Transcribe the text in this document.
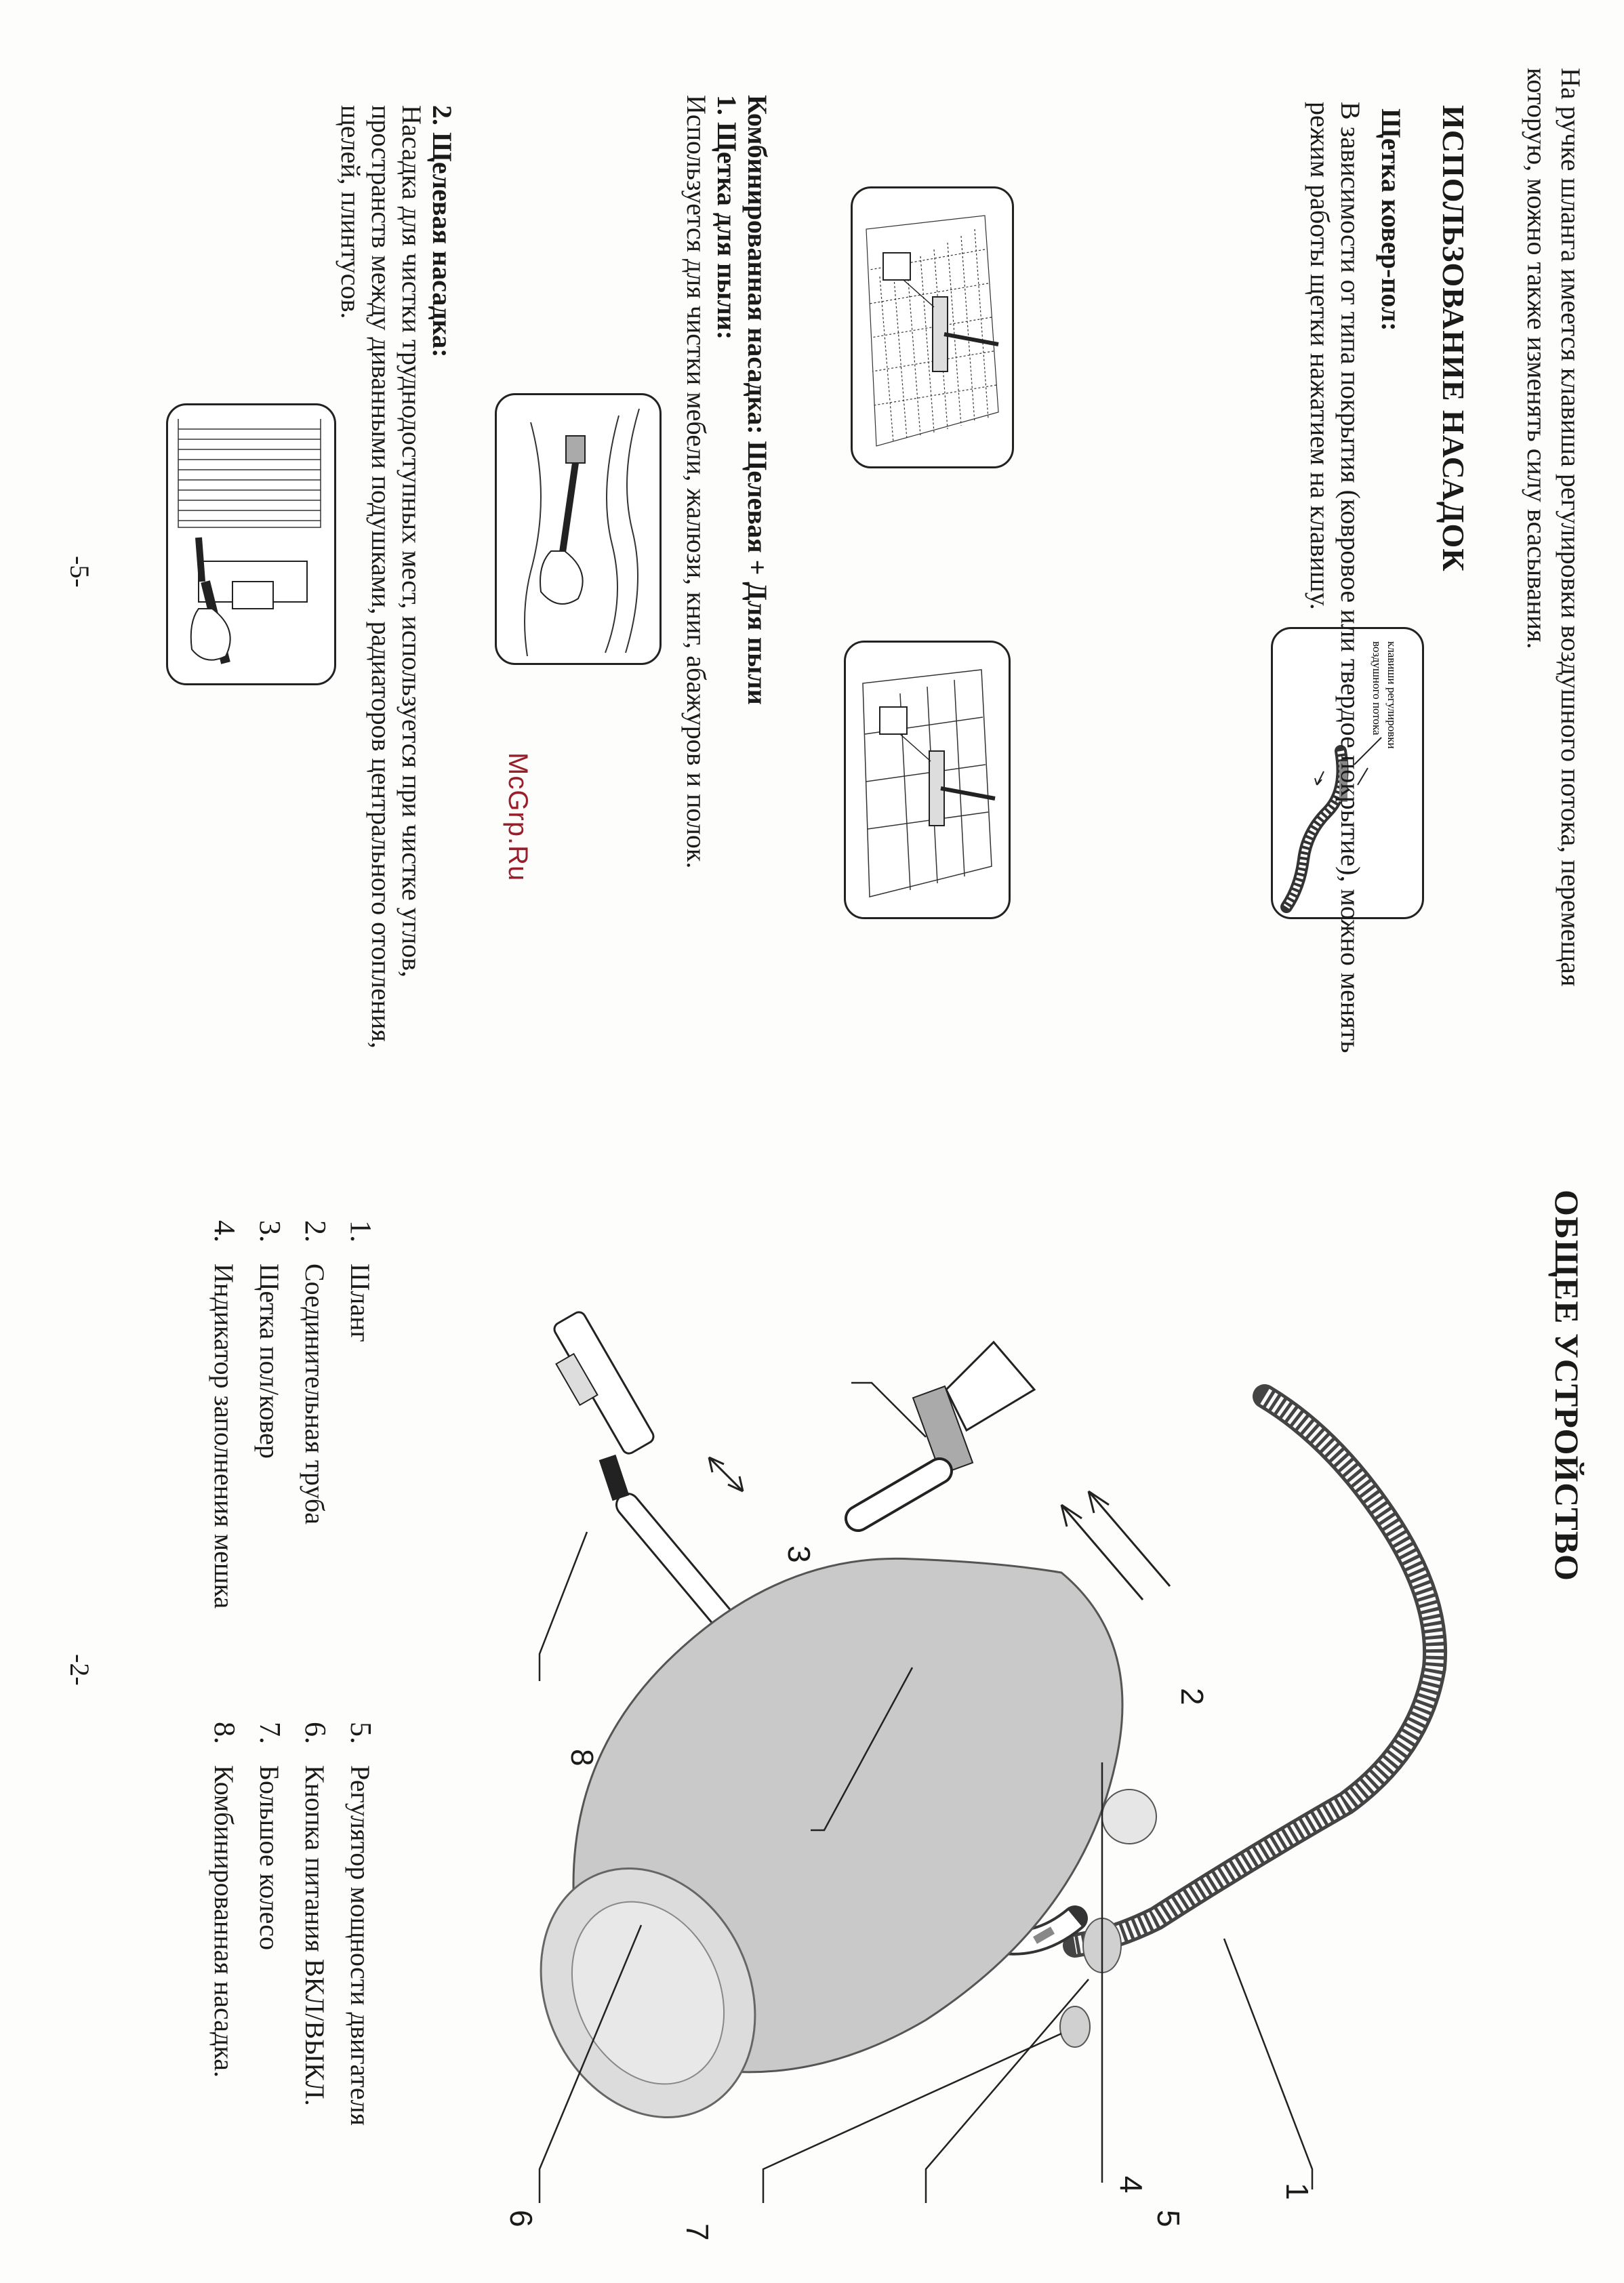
На ручке шланга имеется клавиша регулировки воздушного потока, перемещая
которую, можно также изменять силу всасывания.
клавиши регулировки
воздушного потока
ИСПОЛЬЗОВАНИЕ НАСАДОК
Щетка ковер-пол:
В зависимости от типа покрытия (ковровое или твердое покрытие), можно менять
режим работы щетки нажатием на клавишу.
Комбинированная насадка: Щелевая + Для пыли
1. Щетка для пыли:
Используется для чистки мебели, жалюзи, книг, абажуров и полок.
2. Щелевая насадка:
Насадка для чистки труднодоступных мест, используется при чистке углов,
пространств между диванными подушками, радиаторов центрального отопления,
щелей, плинтусов.
-5-
ОБЩЕЕ УСТРОЙСТВО
McGrp.Ru
1
2
3
4
5
6
7
8
1.Шланг
2.Соединительная труба
3.Щетка пол/ковер
4.Индикатор заполнения мешка
5.Регулятор мощности двигателя
6.Кнопка питания ВКЛ/ВЫКЛ.
7.Большое колесо
8.Комбинированная насадка.
-2-
